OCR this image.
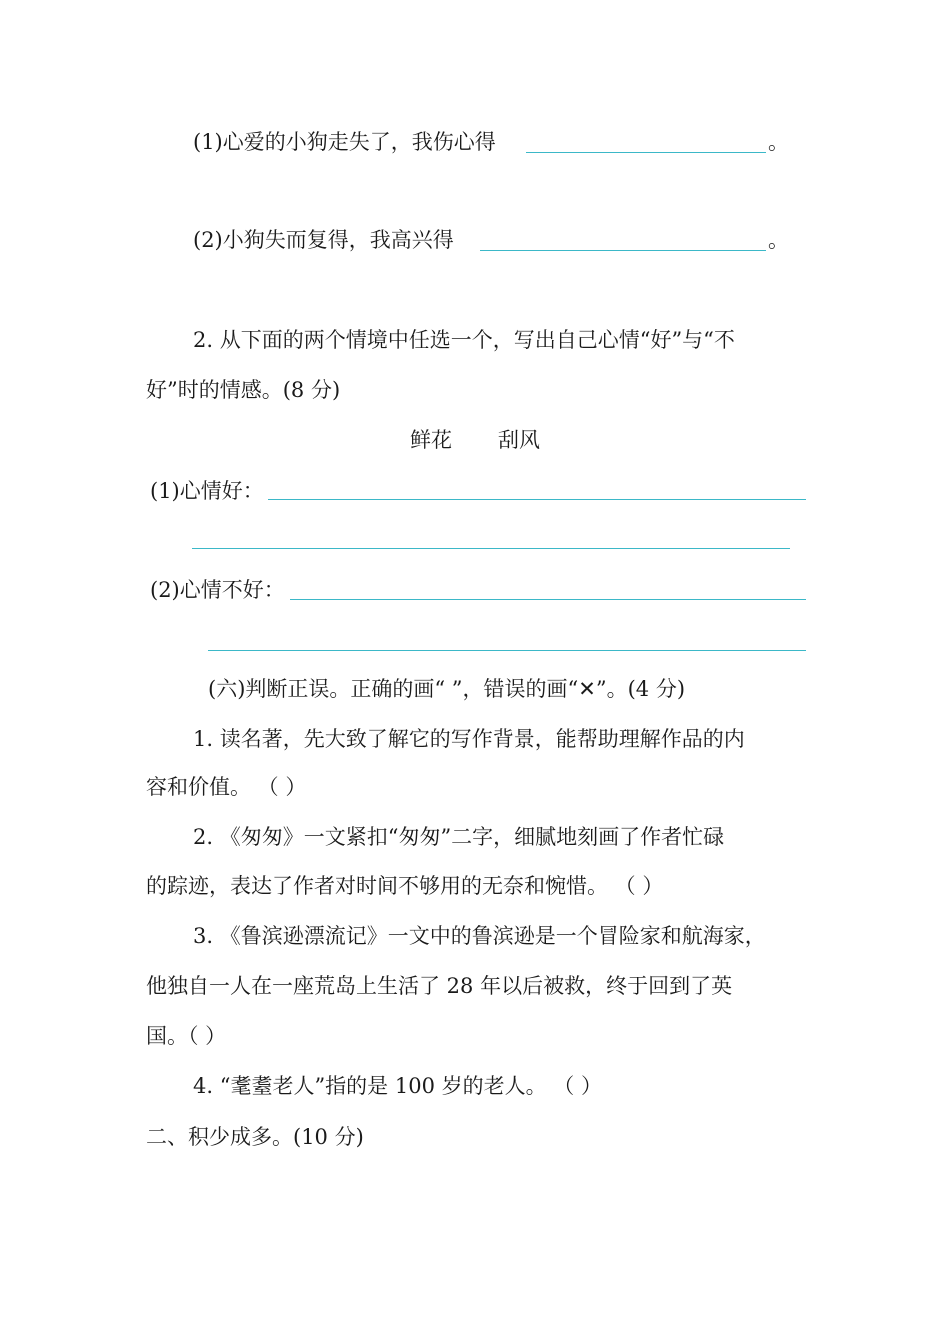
(1)心爱的小狗走失了，我伤心得	。
(2)小狗失而复得，我高兴得	。
2. 从下面的两个情境中任选一个，写出自己心情“好”与“不
好”时的情感。(8 分)
鲜花 刮风
(1)心情好：
(2)心情不好：
(六)判断正误。正确的画“ ”，错误的画“✕”。(4 分)
1. 读名著，先大致了解它的写作背景，能帮助理解作品的内
容和价值。 （ ）
2. 《匆匆》一文紧扣“匆匆”二字，细腻地刻画了作者忙碌
的踪迹，表达了作者对时间不够用的无奈和惋惜。 （ ）
3. 《鲁滨逊漂流记》一文中的鲁滨逊是一个冒险家和航海家，
他独自一人在一座荒岛上生活了 28 年以后被救，终于回到了英
国。（ ）
4. “耄耋老人”指的是 100 岁的老人。 （ ）
二、积少成多。(10 分)
